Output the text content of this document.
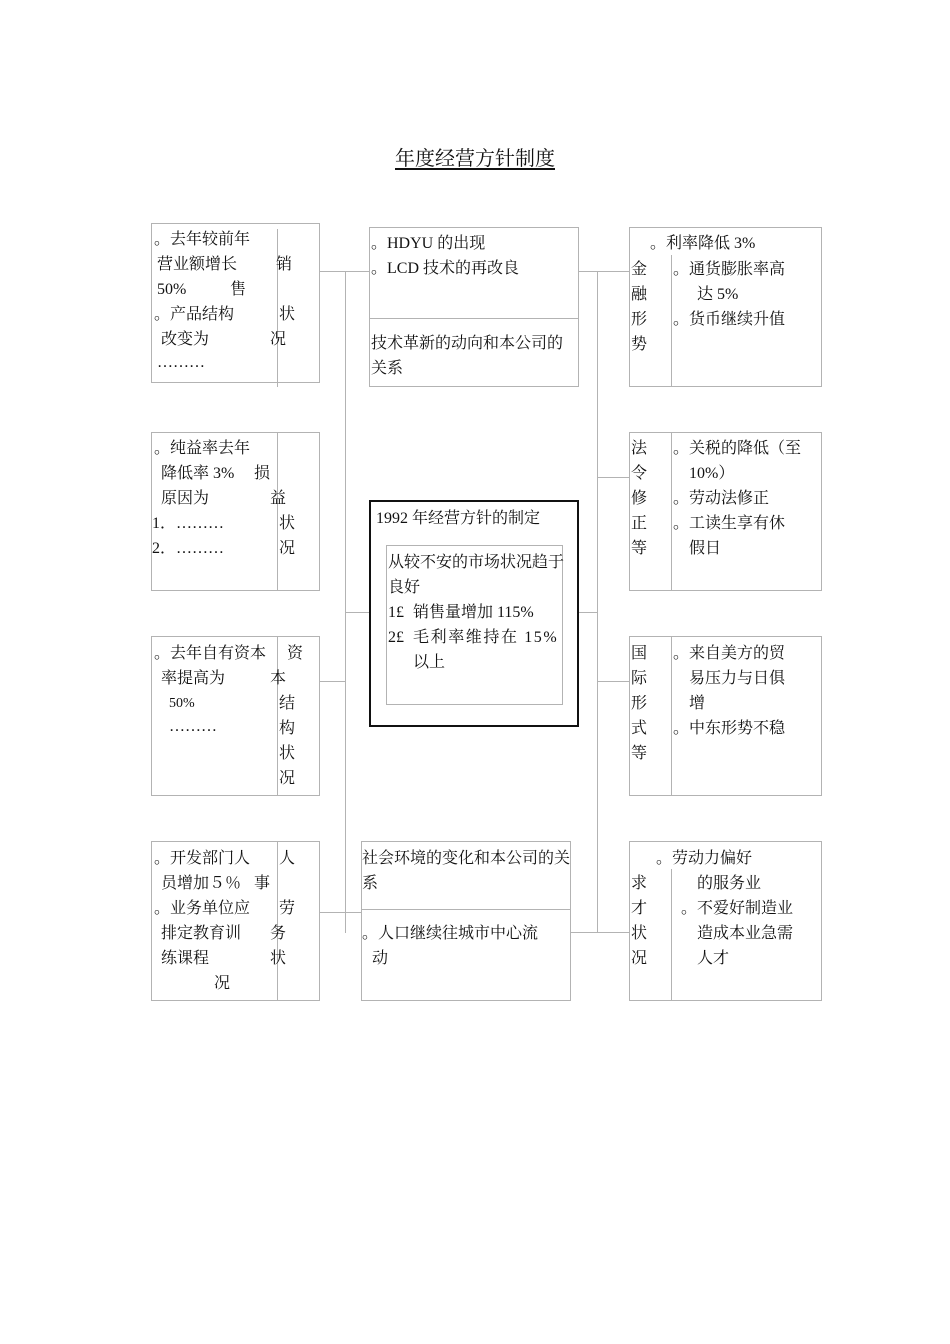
年度经营方针制度
。去年较前年
营业额增长
50%
。产品结构
改变为
………
销
售
状
况
。纯益率去年
降低率 3%
原因为
1．………
2．………
损
益
状
况
。去年自有资本
率提高为
50%
………
资
本
结
构
状
况
。开发部门人
员增加５％
。业务单位应
排定教育训
练课程
况
人
事
劳
务
状
。HDYU 的出现
。LCD 技术的再改良
技术革新的动向和本公司的关系
1992 年经营方针的制定
从较不安的市场状况趋于良好
1£ 销售量增加 115%
2£ 毛利率维持在 15%
以上
社会环境的变化和本公司的关系
。人口继续往城市中心流
动
金融形势
。利率降低 3%
。通货膨胀率高
达 5%
。货币继续升值
法令修正等
。关税的降低（至
10%）
。劳动法修正
。工读生享有休
假日
国际形式等
。来自美方的贸
易压力与日俱
增
。中东形势不稳
求才状况
。劳动力偏好
的服务业
。不爱好制造业
造成本业急需
人才
